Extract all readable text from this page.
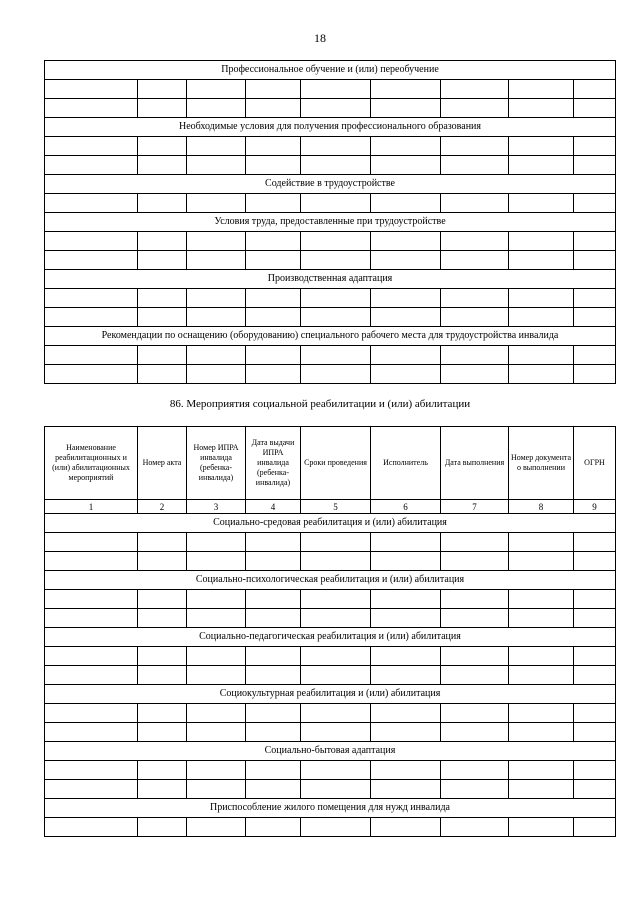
18
Профессиональное обучение и (или) переобучение								

Необходимые условия для получения профессионального образования								

Содействие в трудоустройстве								

Условия труда, предоставленные при трудоустройстве								

Производственная адаптация								

Рекомендации по оснащению (оборудованию) специального рабочего места для трудоустройства инвалида								

86. Мероприятия социальной реабилитации и (или) абилитации
Наименование реабилитационных и (или) абилитационных мероприятий	Номер акта	Номер ИПРА инвалида (ребенка-инвалида)	Дата выдачи ИПРА инвалида (ребенка-инвалида)	Сроки проведения	Исполнитель	Дата выполнения	Номер документа о выполнении	ОГРН
1	2	3	4	5	6	7	8	9
Социально-средовая реабилитация и (или) абилитация								

Социально-психологическая реабилитация и (или) абилитация								

Социально-педагогическая реабилитация и (или) абилитация								

Социокультурная реабилитация и (или) абилитация								

Социально-бытовая адаптация								

Приспособление жилого помещения для нужд инвалида								
